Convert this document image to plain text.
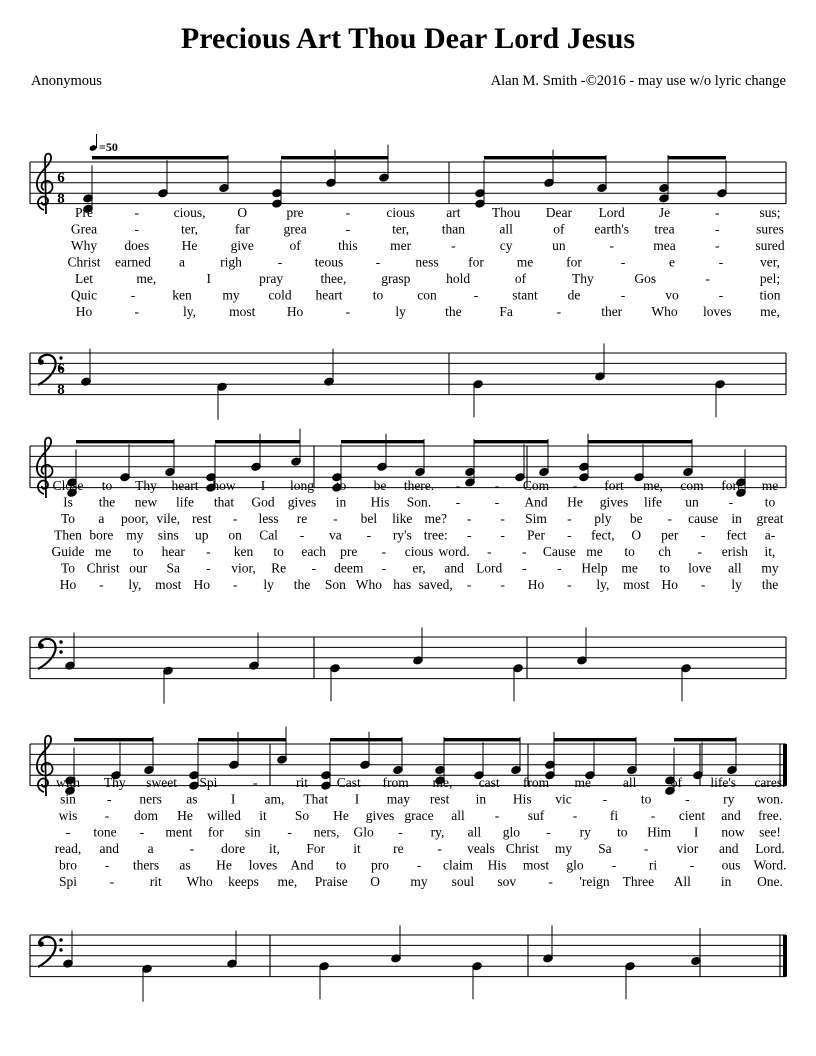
Precious Art Thou Dear Lord Jesus
Anonymous	Alan M. Smith -©2016 - may use w/o lyric change
6
8
6
8
=50
Pre	-	cious, O	pre	-	cious art Thou Dear Lord	Je	-	sus;
Grea	-	ter,	far grea	-	ter, than	all	of earth's trea	-	sures
Why does He give	of	this mer	-	cy	un	-	mea	-	sured
Christ earned a	righ	- teous -	ness for me for	-	e	-	ver,
Let	me,	I	pray	thee,	grasp	hold	of	Thy	Gos	-	pel;
Quic -	ken my cold heart to	con	-	stant de	-	vo	-	tion
Ho	-	ly, most Ho	-	ly	the	Fa	-	ther Who loves me,
Close to Thy heart how I long to be there. -	- Com - fort me, com fort me
Is the new life that God gives in His Son. -	- And He gives life un - to
To a poor, vile, rest - less re - bel like me? - - Sim - ply be - cause in great
Then bore my sins up on Cal - va - ry's tree: - - Per - fect, O per - fect a-
Guide me to hear - ken to each pre - cious word. - - Cause me to ch - erish it,
To Christ our Sa - vior, Re - deem - er, and Lord - - Help me to love all my
Ho - ly, most Ho - ly the Son Who has saved, - - Ho - ly, most Ho - ly the
with Thy sweet Spi	-	rit Cast from me, cast from me all	of life's cares.
sin - ners as I am, That I may rest in His vic -	to	- ry won.
wis - dom He willed it So He gives grace all - suf - fi - cient and free.
- tone - ment for sin - ners, Glo - ry, all glo - ry to Him I now see!
read, and a	- dore it, For it re	- veals Christ my Sa - vior and Lord.
bro - thers as He loves And to pro - claim His most glo - ri - ous Word.
Spi -	rit Who keeps me, Praise O my soul sov - 'reign Three All in One.
